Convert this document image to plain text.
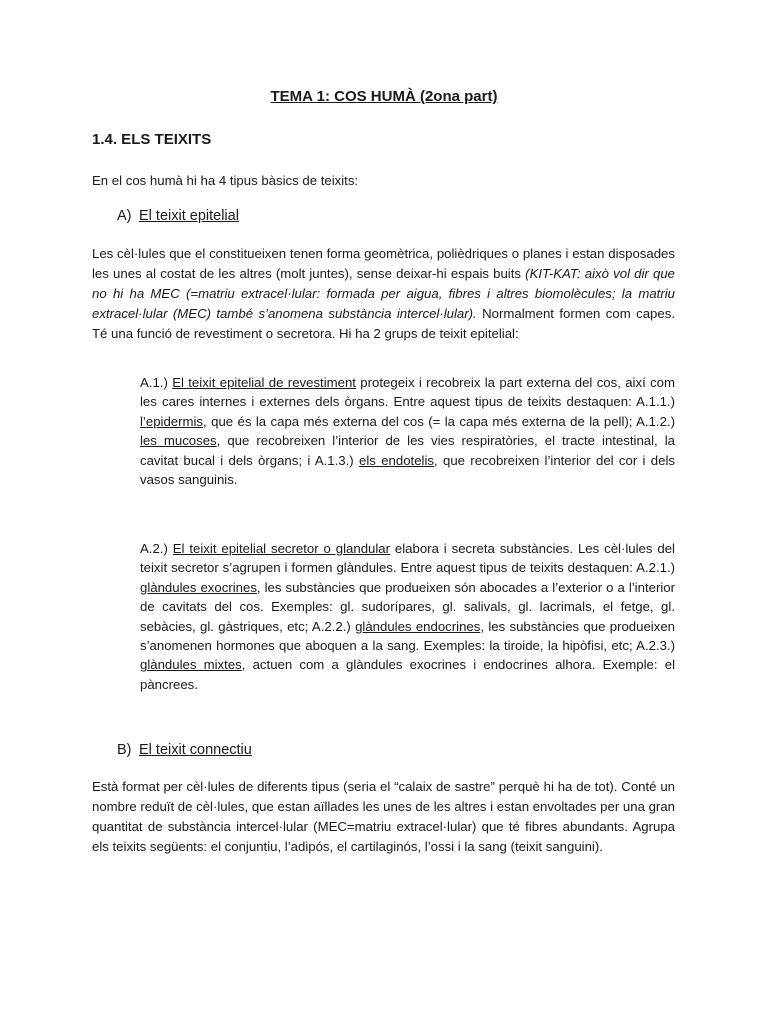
TEMA 1: COS HUMÀ (2ona part)
1.4. ELS TEIXITS
En el cos humà hi ha 4 tipus bàsics de teixits:
A) El teixit epitelial
Les cèl·lules que el constitueixen tenen forma geomètrica, polièdriques o planes i estan disposades les unes al costat de les altres (molt juntes), sense deixar-hi espais buits (KIT-KAT: això vol dir que no hi ha MEC (=matriu extracel·lular: formada per aigua, fibres i altres biomolècules; la matriu extracel·lular (MEC) també s’anomena substància intercel·lular). Normalment formen com capes. Té una funció de revestiment o secretora. Hi ha 2 grups de teixit epitelial:
A.1.) El teixit epitelial de revestiment protegeix i recobreix la part externa del cos, així com les cares internes i externes dels òrgans. Entre aquest tipus de teixits destaquen: A.1.1.) l’epidermis, que és la capa més externa del cos (= la capa més externa de la pell); A.1.2.) les mucoses, que recobreixen l’interior de les vies respiratòries, el tracte intestinal, la cavitat bucal i dels òrgans; i A.1.3.) els endotelis, que recobreixen l’interior del cor i dels vasos sanguinis.
A.2.) El teixit epitelial secretor o glandular elabora i secreta substàncies. Les cèl·lules del teixit secretor s’agrupen i formen glàndules. Entre aquest tipus de teixits destaquen: A.2.1.) glàndules exocrines, les substàncies que produeixen són abocades a l’exterior o a l’interior de cavitats del cos. Exemples: gl. sudorípares, gl. salivals, gl. lacrimals, el fetge, gl. sebàcies, gl. gàstriques, etc; A.2.2.) glàndules endocrines, les substàncies que produeixen s’anomenen hormones que aboquen a la sang. Exemples: la tiroide, la hipòfisi, etc; A.2.3.) glàndules mixtes, actuen com a glàndules exocrines i endocrines alhora. Exemple: el pàncrees.
B) El teixit connectiu
Està format per cèl·lules de diferents tipus (seria el “calaix de sastre” perquè hi ha de tot). Conté un nombre reduït de cèl·lules, que estan aïllades les unes de les altres i estan envoltades per una gran quantitat de substància intercel·lular (MEC=matriu extracel·lular) que té fibres abundants. Agrupa els teixits següents: el conjuntiu, l’adipós, el cartilaginós, l’ossi i la sang (teixit sanguini).
